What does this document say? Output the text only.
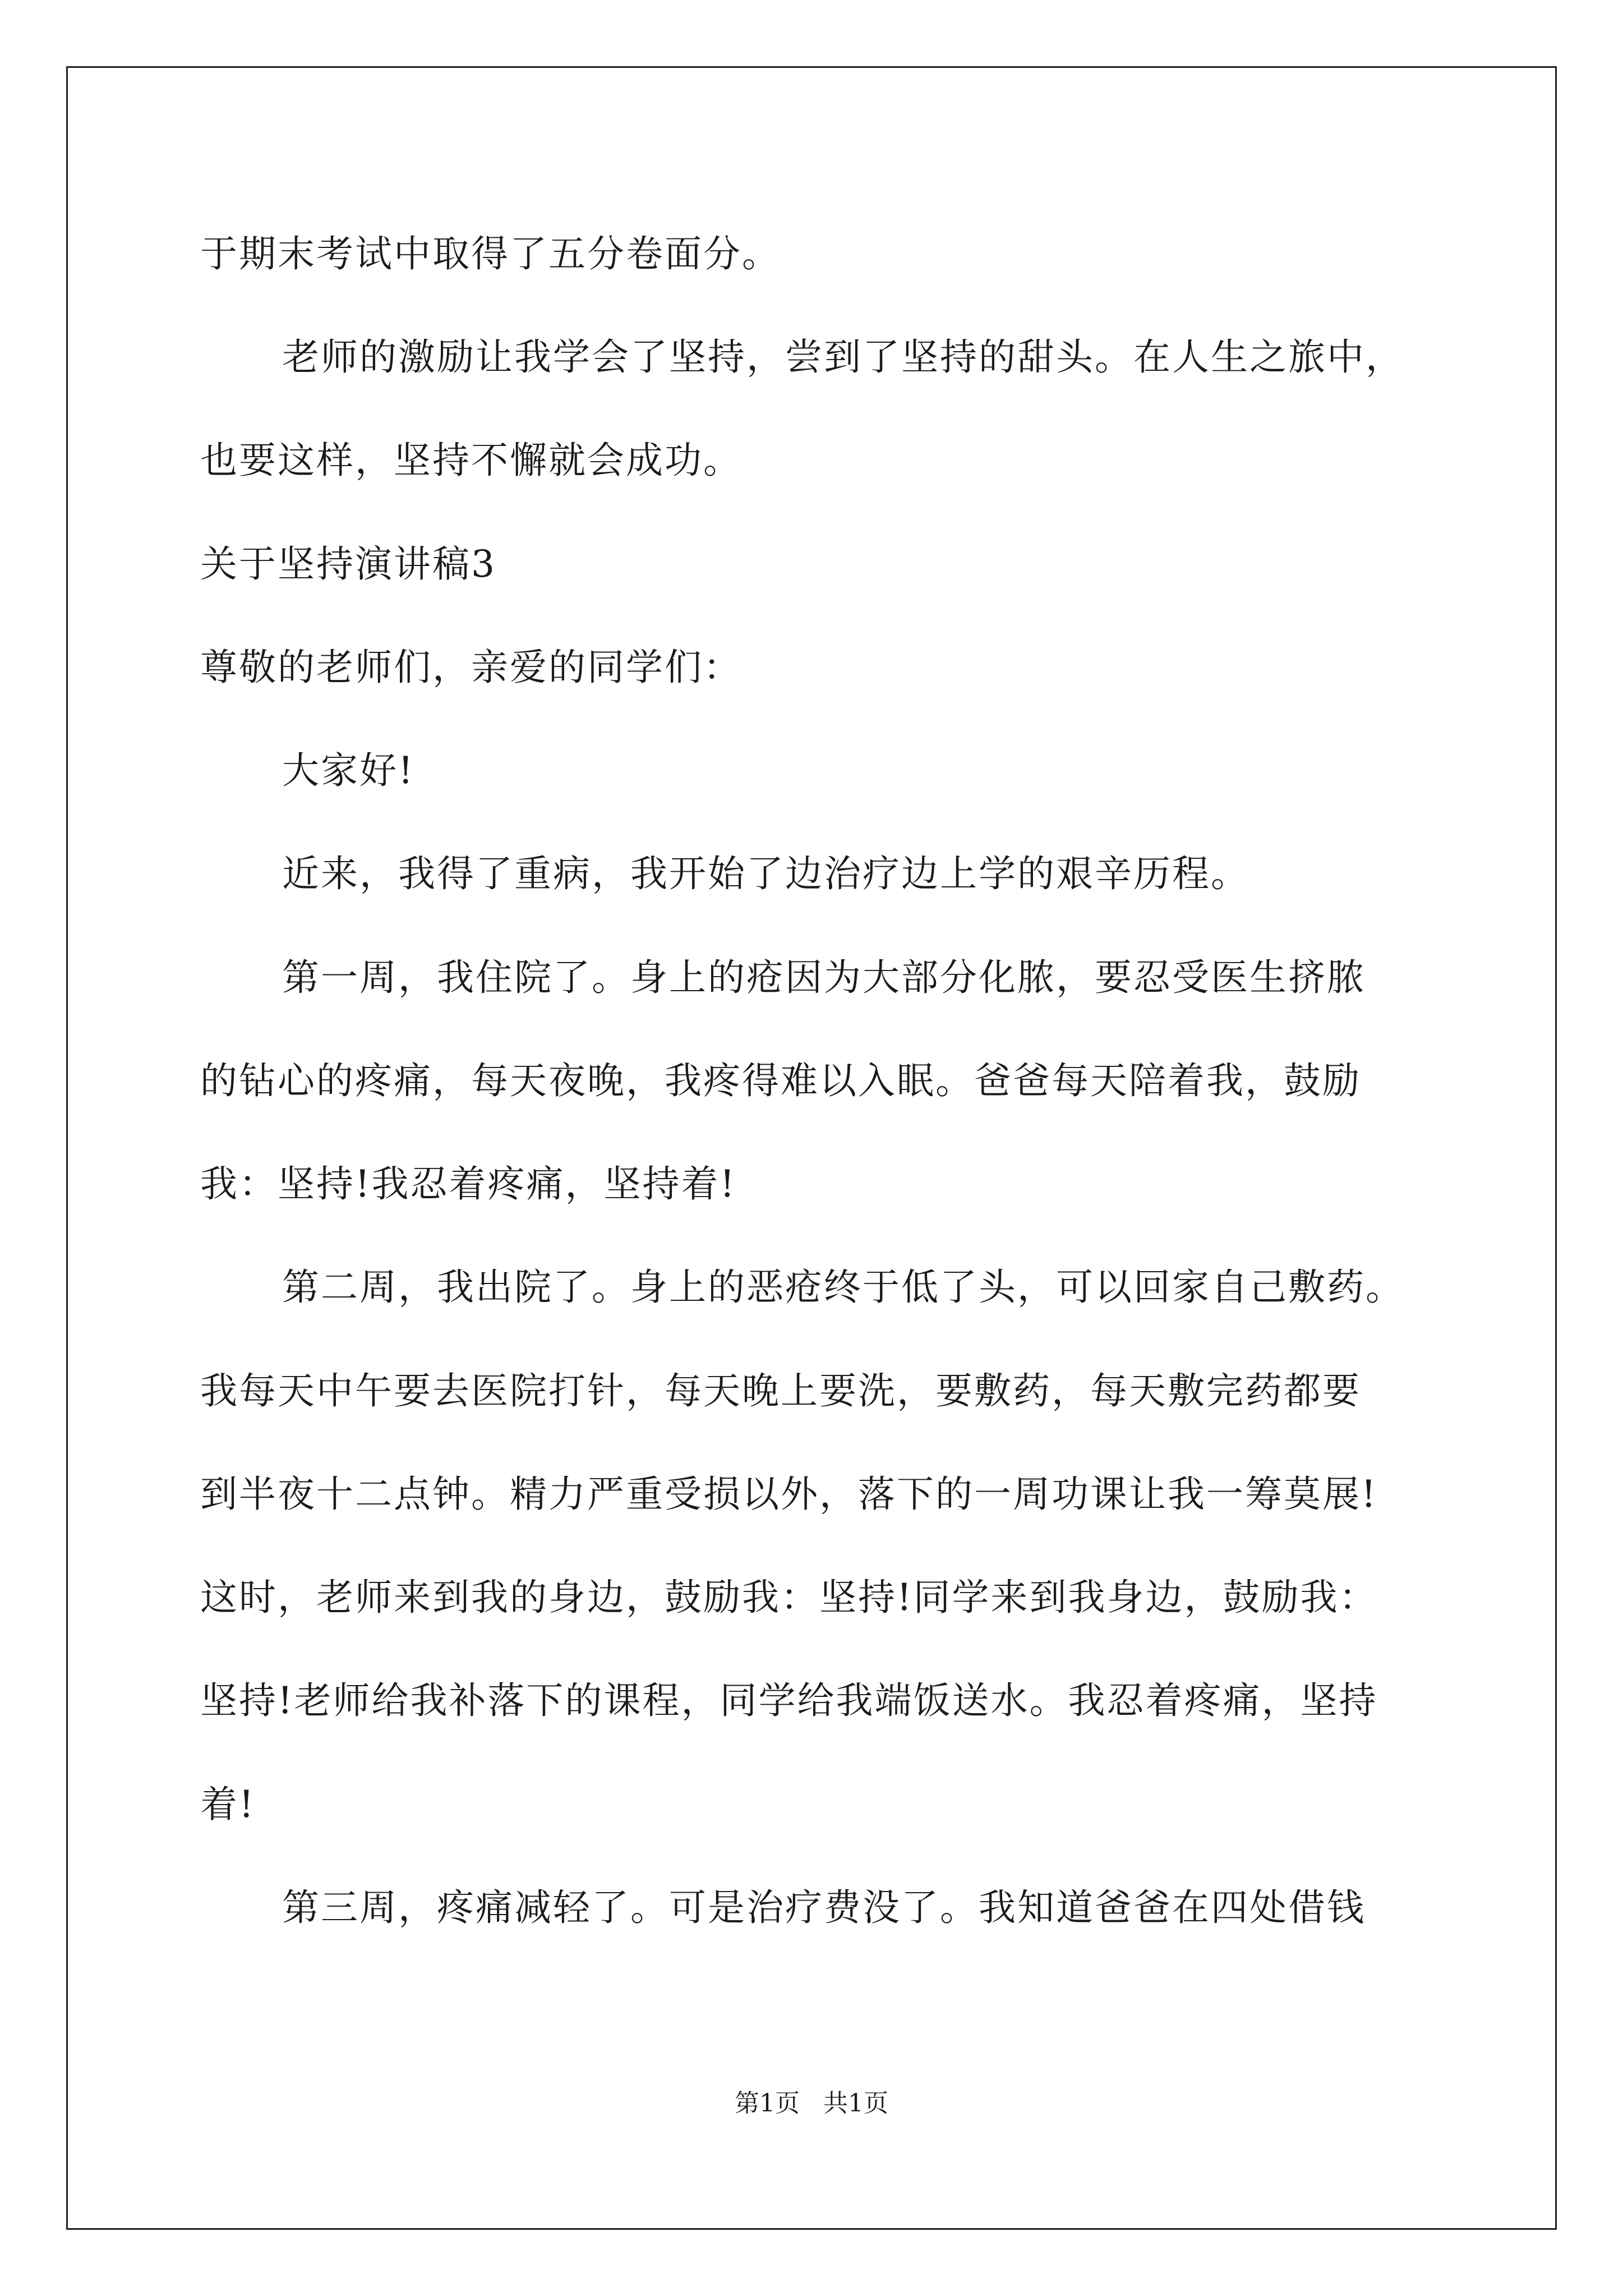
于期末考试中取得了五分卷面分。
老师的激励让我学会了坚持，尝到了坚持的甜头。在人生之旅中，
也要这样，坚持不懈就会成功。
关于坚持演讲稿3
尊敬的老师们，亲爱的同学们：
大家好!
近来，我得了重病，我开始了边治疗边上学的艰辛历程。
第一周，我住院了。身上的疮因为大部分化脓，要忍受医生挤脓
的钻心的疼痛，每天夜晚，我疼得难以入眠。爸爸每天陪着我，鼓励
我：坚持!我忍着疼痛，坚持着!
第二周，我出院了。身上的恶疮终于低了头，可以回家自己敷药。
我每天中午要去医院打针，每天晚上要洗，要敷药，每天敷完药都要
到半夜十二点钟。精力严重受损以外，落下的一周功课让我一筹莫展!
这时，老师来到我的身边，鼓励我：坚持!同学来到我身边，鼓励我：
坚持!老师给我补落下的课程，同学给我端饭送水。我忍着疼痛，坚持
着!
第三周，疼痛减轻了。可是治疗费没了。我知道爸爸在四处借钱
第1页   共1页
